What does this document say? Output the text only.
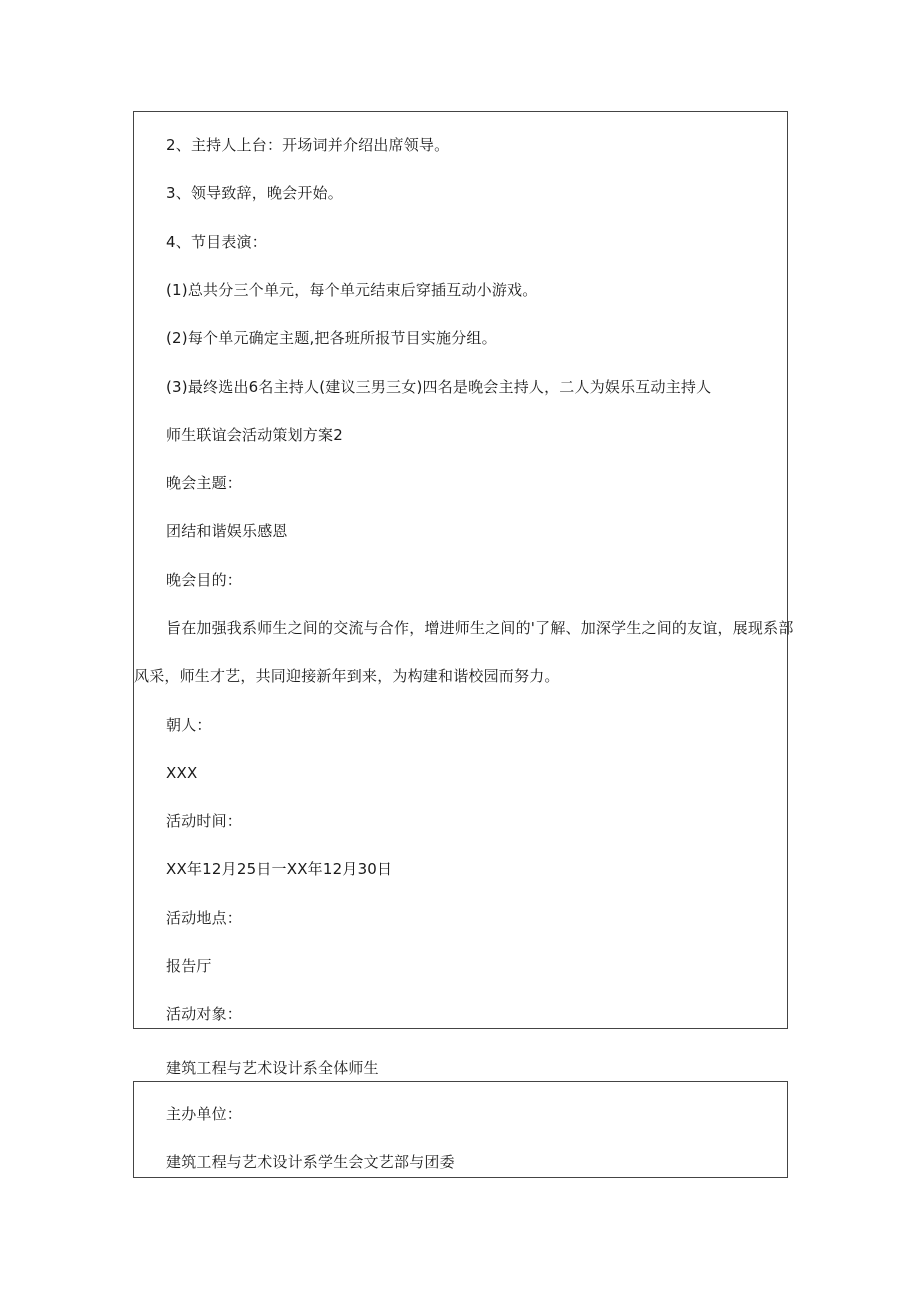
2、主持人上台：开场词并介绍出席领导。
3、领导致辞，晚会开始。
4、节目表演：
(1)总共分三个单元，每个单元结束后穿插互动小游戏。
(2)每个单元确定主题,把各班所报节目实施分组。
(3)最终选出6名主持人(建议三男三女)四名是晚会主持人，二人为娱乐互动主持人
师生联谊会活动策划方案2
晚会主题：
团结和谐娱乐感恩
晚会目的：
旨在加强我系师生之间的交流与合作，增进师生之间的'了解、加深学生之间的友谊，展现系部
风采，师生才艺，共同迎接新年到来，为构建和谐校园而努力。
朝人：
XXX
活动时间：
XX年12月25日一XX年12月30日
活动地点：
报告厅
活动对象：
建筑工程与艺术设计系全体师生
主办单位：
建筑工程与艺术设计系学生会文艺部与团委
